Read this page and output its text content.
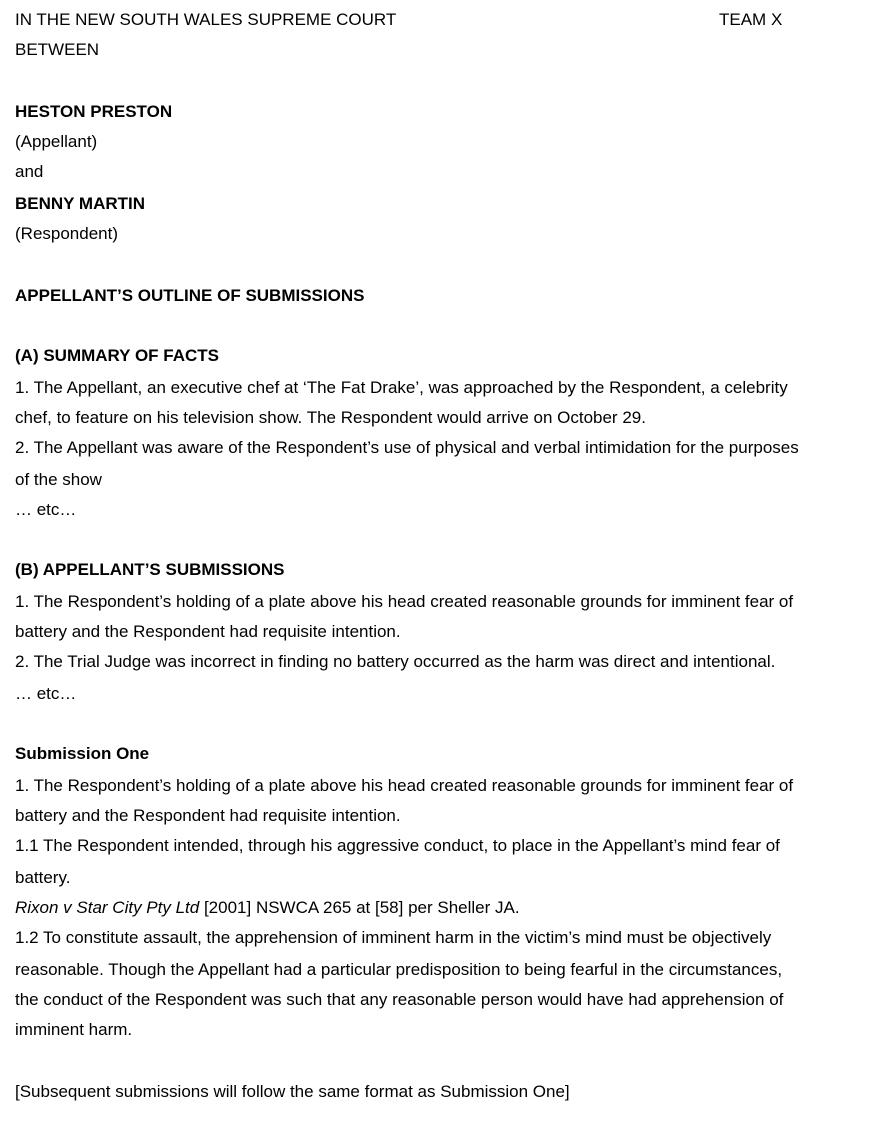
IN THE NEW SOUTH WALES SUPREME COURT	TEAM X
BETWEEN
HESTON PRESTON
(Appellant)
and
BENNY MARTIN
(Respondent)
APPELLANT’S OUTLINE OF SUBMISSIONS
(A) SUMMARY OF FACTS
1. The Appellant, an executive chef at ‘The Fat Drake’, was approached by the Respondent, a celebrity
chef, to feature on his television show. The Respondent would arrive on October 29.
2. The Appellant was aware of the Respondent’s use of physical and verbal intimidation for the purposes
of the show
… etc…
(B) APPELLANT’S SUBMISSIONS
1. The Respondent’s holding of a plate above his head created reasonable grounds for imminent fear of
battery and the Respondent had requisite intention.
2. The Trial Judge was incorrect in finding no battery occurred as the harm was direct and intentional.
… etc…
Submission One
1. The Respondent’s holding of a plate above his head created reasonable grounds for imminent fear of
battery and the Respondent had requisite intention.
1.1 The Respondent intended, through his aggressive conduct, to place in the Appellant’s mind fear of
battery.
Rixon v Star City Pty Ltd [2001] NSWCA 265 at [58] per Sheller JA.
1.2 To constitute assault, the apprehension of imminent harm in the victim’s mind must be objectively
reasonable. Though the Appellant had a particular predisposition to being fearful in the circumstances,
the conduct of the Respondent was such that any reasonable person would have had apprehension of
imminent harm.
[Subsequent submissions will follow the same format as Submission One]
